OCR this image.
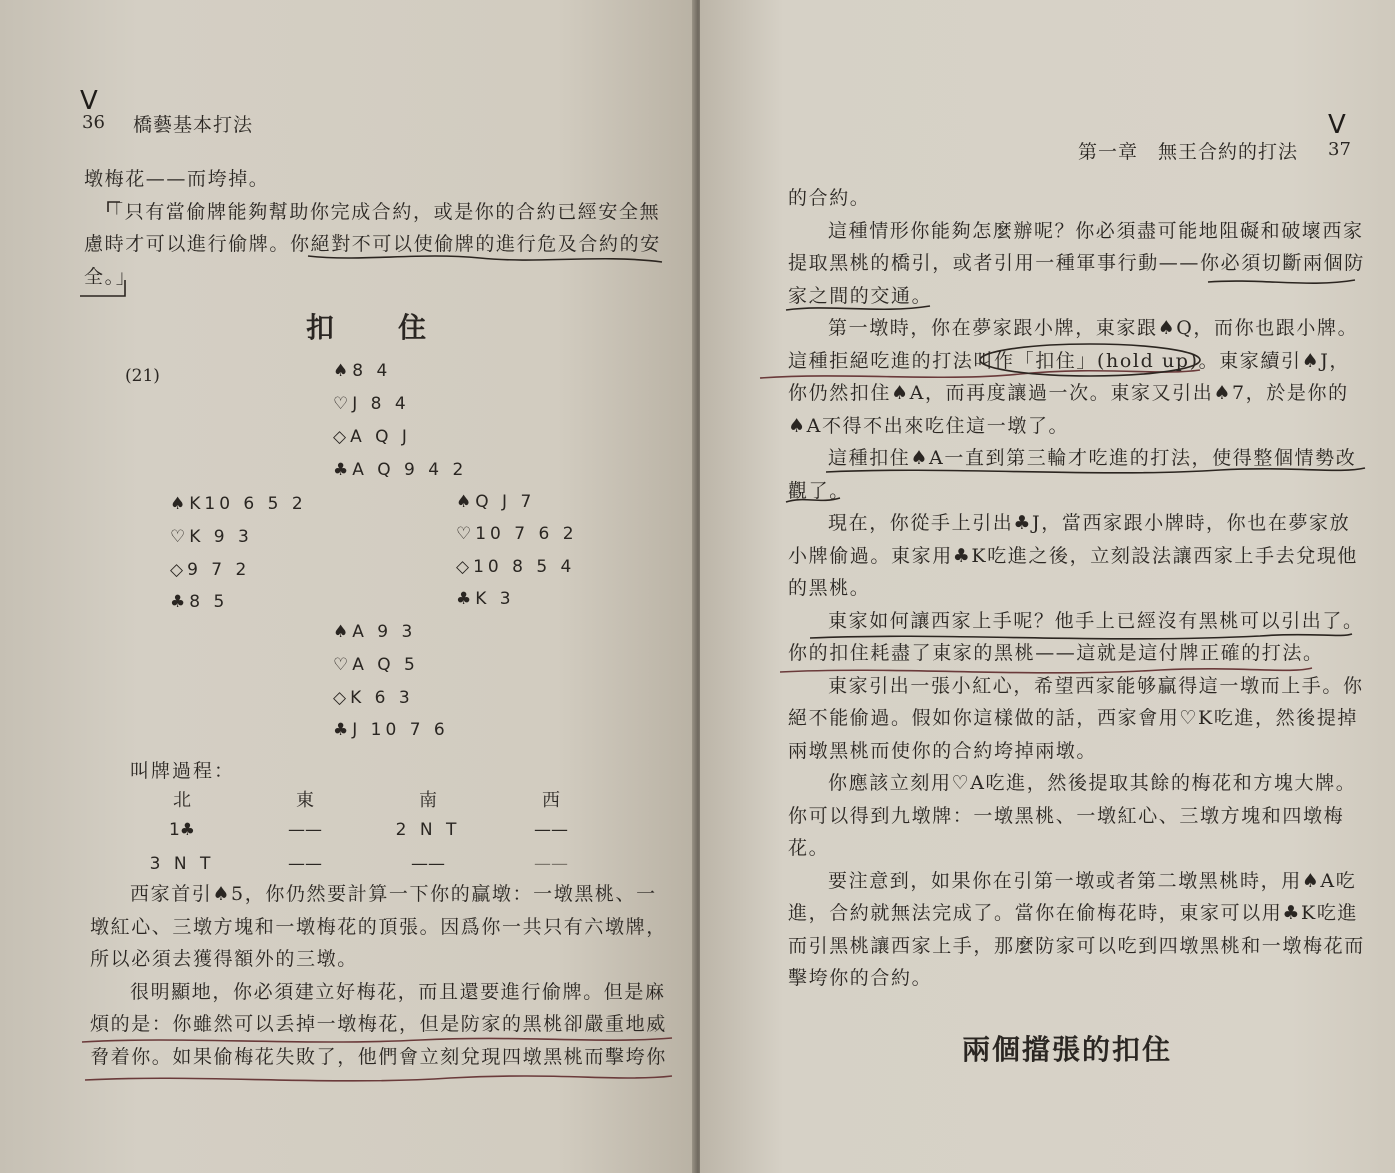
V
36 橋藝基本打法
墩梅花——而垮掉。
「只有當偷牌能夠幫助你完成合約，或是你的合約已經安全無
慮時才可以進行偷牌。你絕對不可以使偷牌的進行危及合約的安
全。」
扣住
(21)	♠8 4
♡J 8 4
◇A Q J
♣A Q 9 4 2
♠K10 6 5 2
♡K 9 3
◇9 7 2
♣8 5
♠Q J 7
♡10 7 6 2
◇10 8 5 4
♣K 3
♠A 9 3
♡A Q 5
◇K 6 3
♣J 10 7 6
叫牌過程：
北	東	南	西
1♣	——	2 N T	——
3 N T	——	——	——
西家首引♠5，你仍然要計算一下你的贏墩：一墩黑桃、一
墩紅心、三墩方塊和一墩梅花的頂張。因爲你一共只有六墩牌，
所以必須去獲得額外的三墩。
很明顯地，你必須建立好梅花，而且還要進行偷牌。但是麻
煩的是：你雖然可以丢掉一墩梅花，但是防家的黑桃卻嚴重地威
脅着你。如果偷梅花失敗了，他們會立刻兌現四墩黑桃而擊垮你
V
第一章　無王合約的打法 37
的合約。
這種情形你能夠怎麼辦呢？你必須盡可能地阻礙和破壞西家
提取黑桃的橋引，或者引用一種軍事行動——你必須切斷兩個防
家之間的交通。
第一墩時，你在夢家跟小牌，東家跟♠Q，而你也跟小牌。
這種拒絕吃進的打法叫作「扣住」(hold up)。東家續引♠J，
你仍然扣住♠A，而再度讓過一次。東家又引出♠7，於是你的
♠A不得不出來吃住這一墩了。
這種扣住♠A一直到第三輪才吃進的打法，使得整個情勢改
觀了。
現在，你從手上引出♣J，當西家跟小牌時，你也在夢家放
小牌偷過。東家用♣K吃進之後，立刻設法讓西家上手去兌現他
的黑桃。
東家如何讓西家上手呢？他手上已經沒有黑桃可以引出了。
你的扣住耗盡了東家的黑桃——這就是這付牌正確的打法。
東家引出一張小紅心，希望西家能够贏得這一墩而上手。你
絕不能偷過。假如你這樣做的話，西家會用♡K吃進，然後提掉
兩墩黑桃而使你的合約垮掉兩墩。
你應該立刻用♡A吃進，然後提取其餘的梅花和方塊大牌。
你可以得到九墩牌：一墩黑桃、一墩紅心、三墩方塊和四墩梅
花。
要注意到，如果你在引第一墩或者第二墩黑桃時，用♠A吃
進，合約就無法完成了。當你在偷梅花時，東家可以用♣K吃進
而引黑桃讓西家上手，那麼防家可以吃到四墩黑桃和一墩梅花而
擊垮你的合約。
兩個擋張的扣住
